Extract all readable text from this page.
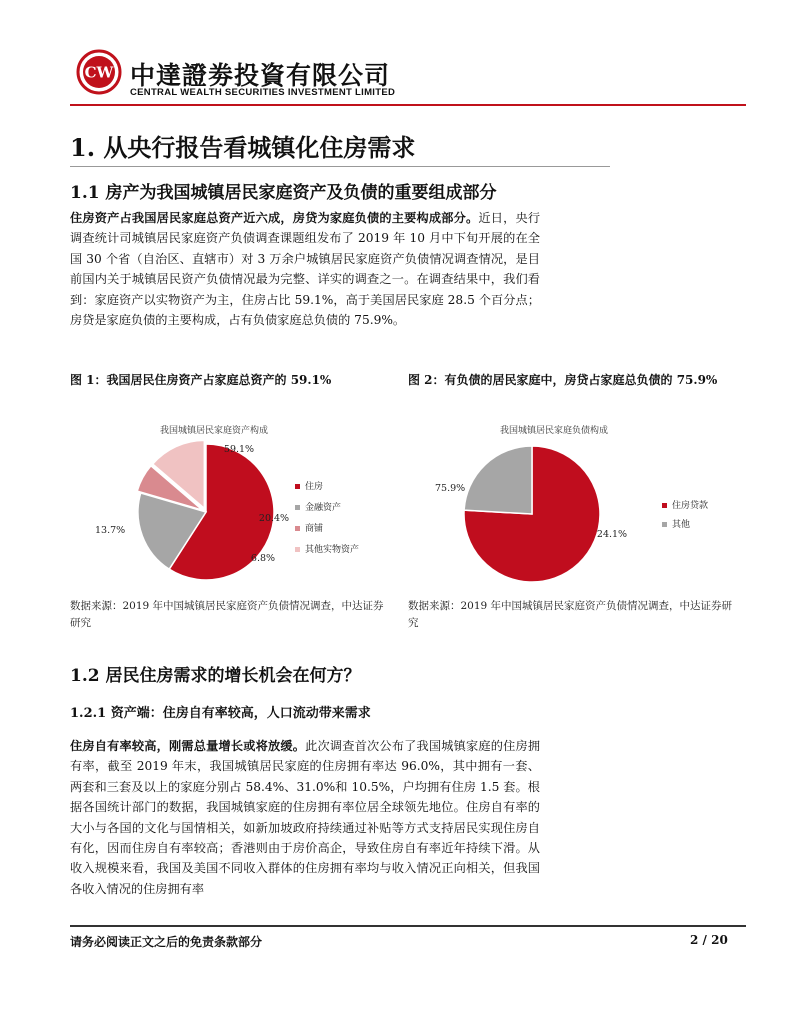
CW 中達證劵投資有限公司
CENTRAL WEALTH SECURITIES INVESTMENT LIMITED
1. 从央行报告看城镇化住房需求
1.1 房产为我国城镇居民家庭资产及负债的重要组成部分
住房资产占我国居民家庭总资产近六成，房贷为家庭负债的主要构成部分。近日，央行调查统计司城镇居民家庭资产负债调查课题组发布了 2019 年 10 月中下旬开展的在全国 30 个省（自治区、直辖市）对 3 万余户城镇居民家庭资产负债情况调查情况，是目前国内关于城镇居民资产负债情况最为完整、详实的调查之一。在调查结果中，我们看到：家庭资产以实物资产为主，住房占比 59.1%，高于美国居民家庭 28.5 个百分点；房贷是家庭负债的主要构成，占有负债家庭总负债的 75.9%。
图 1：我国居民住房资产占家庭总资产的 59.1%	图 2：有负债的居民家庭中，房贷占家庭总负债的 75.9%
我国城镇居民家庭资产构成
59.1%
20.4%
6.8%
13.7%
住房
金融资产
商铺
其他实物资产
我国城镇居民家庭负债构成
75.9%
24.1%
住房贷款
其他
数据来源：2019 年中国城镇居民家庭资产负债情况调查，中达证券研究
数据来源：2019 年中国城镇居民家庭资产负债情况调查，中达证券研究
1.2 居民住房需求的增长机会在何方？
1.2.1 资产端：住房自有率较高，人口流动带来需求
住房自有率较高，刚需总量增长或将放缓。此次调查首次公布了我国城镇家庭的住房拥有率，截至 2019 年末，我国城镇居民家庭的住房拥有率达 96.0%，其中拥有一套、两套和三套及以上的家庭分别占 58.4%、31.0%和 10.5%，户均拥有住房 1.5 套。根据各国统计部门的数据，我国城镇家庭的住房拥有率位居全球领先地位。住房自有率的大小与各国的文化与国情相关，如新加坡政府持续通过补贴等方式支持居民实现住房自有化，因而住房自有率较高；香港则由于房价高企，导致住房自有率近年持续下滑。从收入规模来看，我国及美国不同收入群体的住房拥有率均与收入情况正向相关，但我国各收入情况的住房拥有率
请务必阅读正文之后的免责条款部分	2 / 20
